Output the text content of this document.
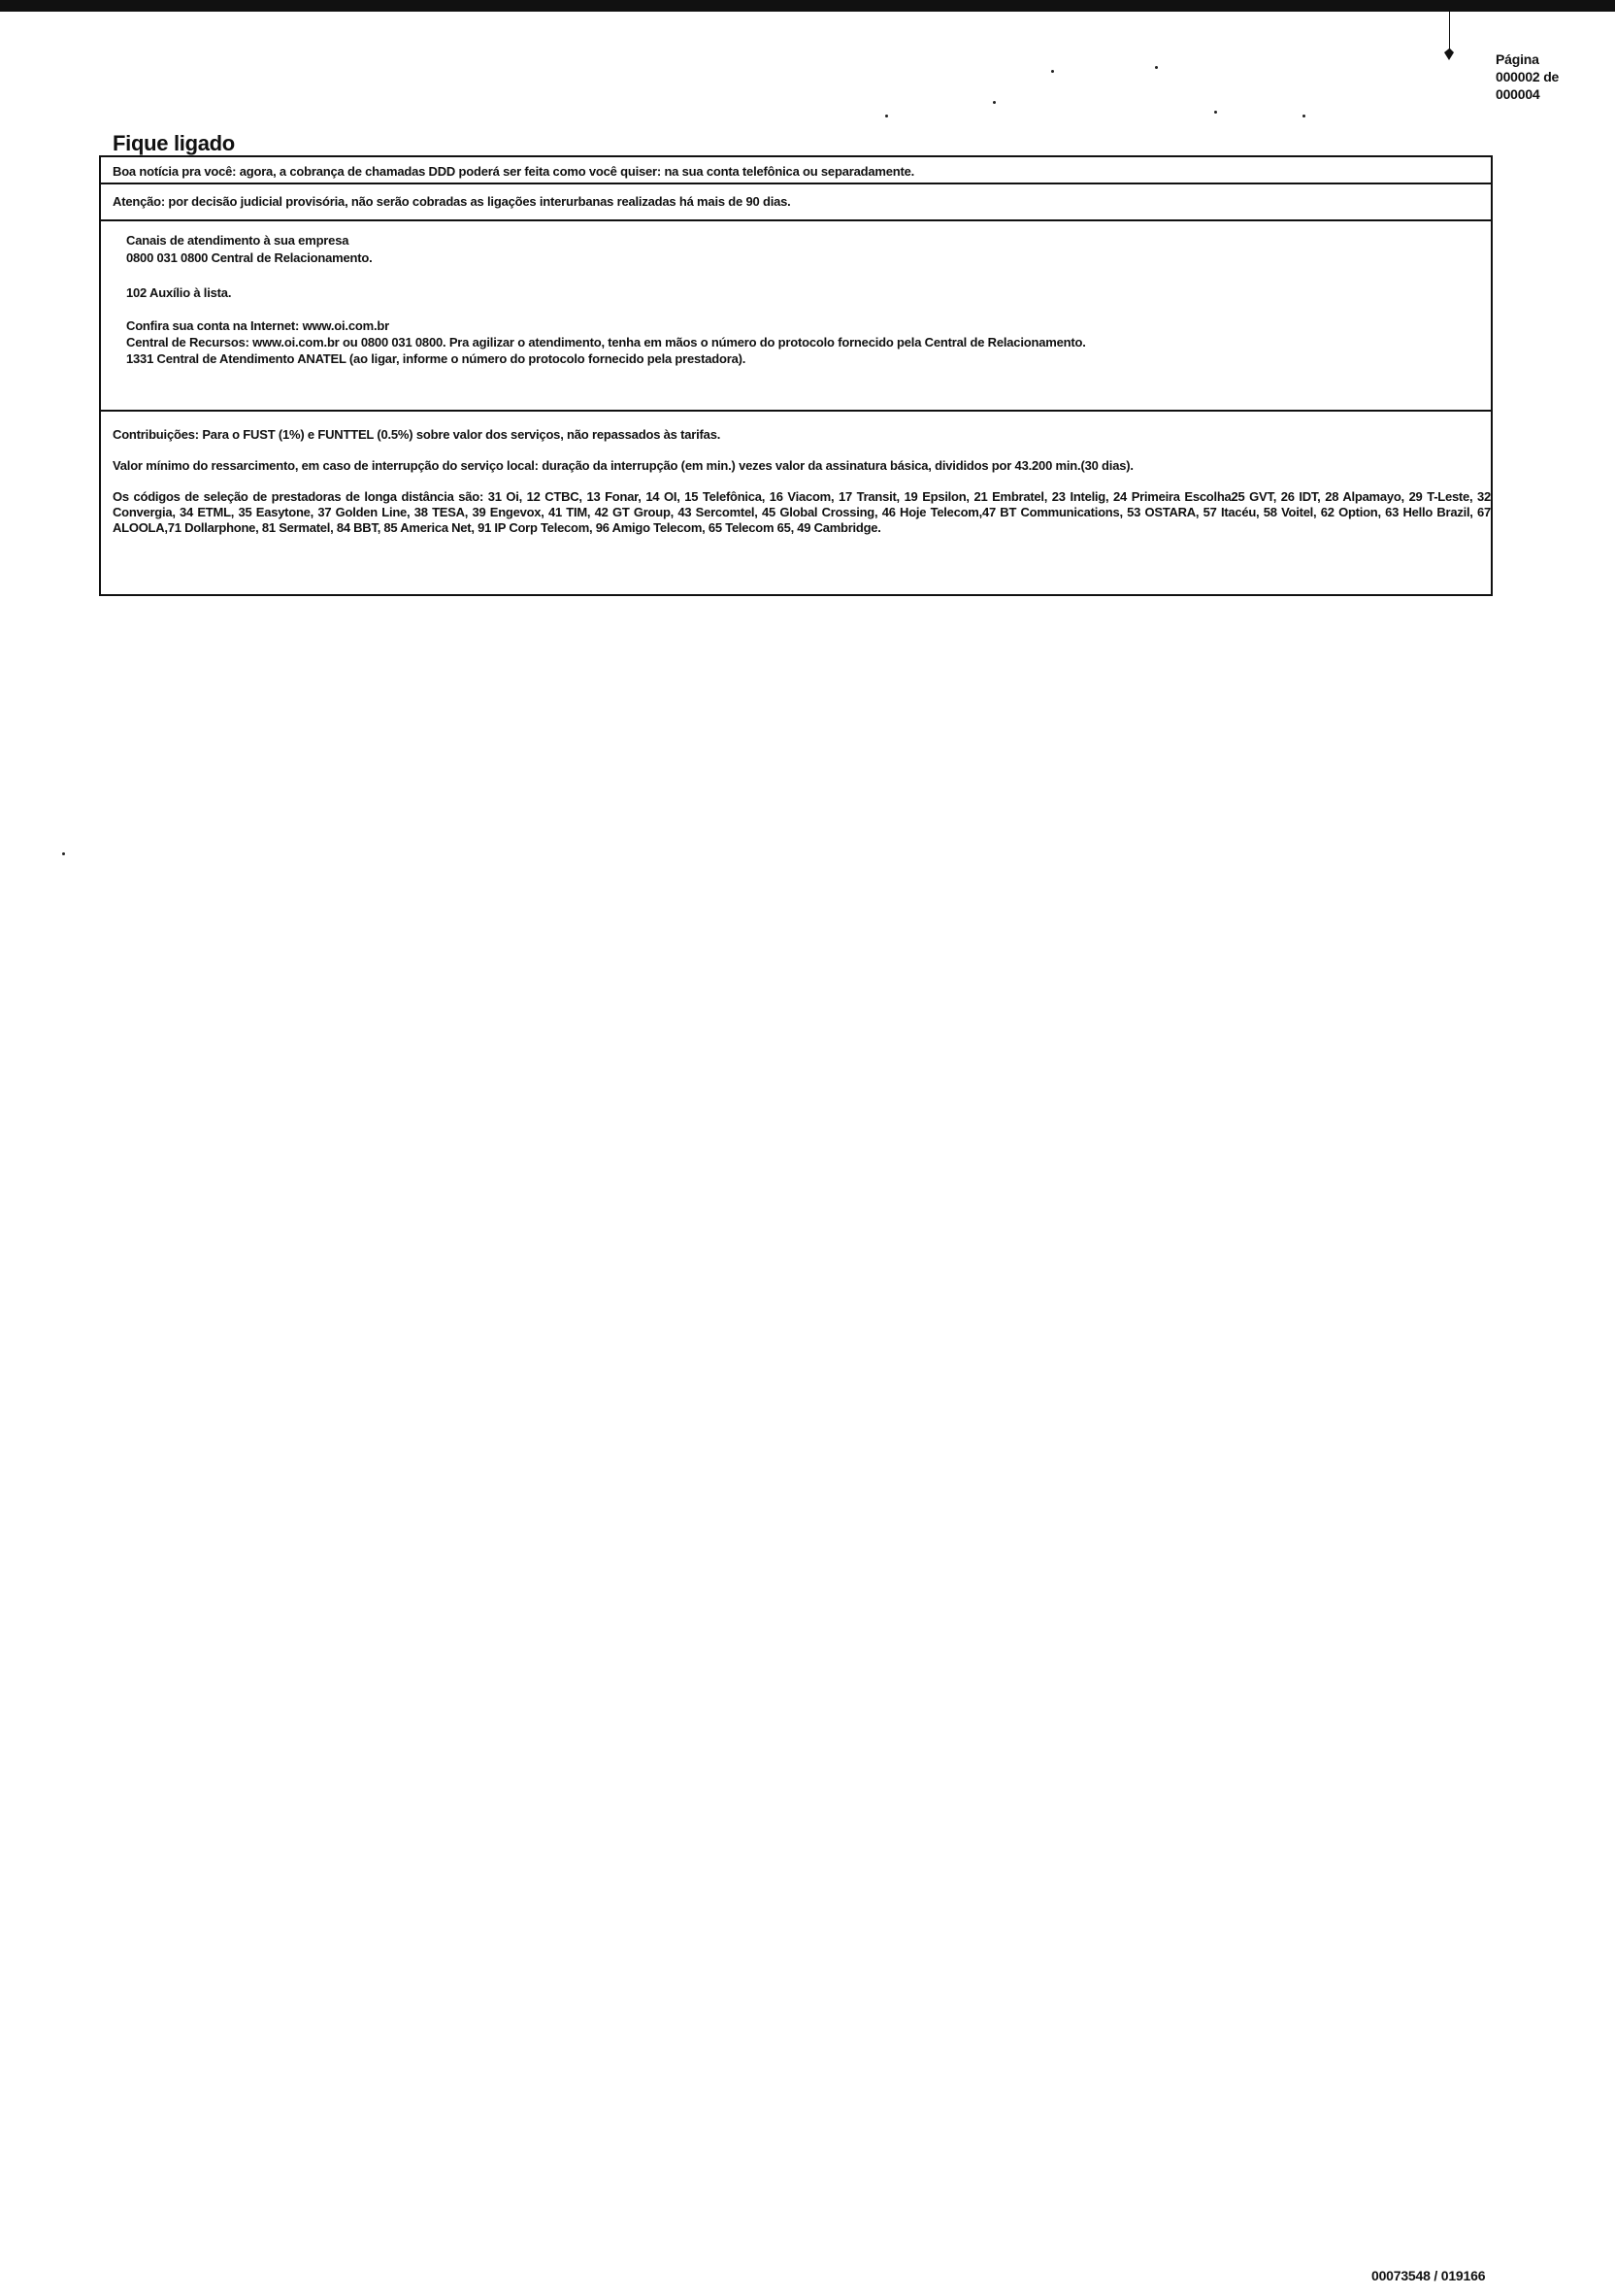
Página
000002 de
000004
Fique ligado

Boa notícia pra você: agora, a cobrança de chamadas DDD poderá ser feita como você quiser: na sua conta telefônica ou separadamente.

Atenção: por decisão judicial provisória, não serão cobradas as ligações interurbanas realizadas há mais de 90 dias.

Canais de atendimento à sua empresa
0800 031 0800 Central de Relacionamento.
102 Auxílio à lista.
Confira sua conta na Internet: www.oi.com.br
Central de Recursos: www.oi.com.br ou 0800 031 0800. Pra agilizar o atendimento, tenha em mãos o número do protocolo fornecido pela Central de Relacionamento.
1331 Central de Atendimento ANATEL (ao ligar, informe o número do protocolo fornecido pela prestadora).
Contribuições: Para o FUST (1%) e FUNTTEL (0.5%) sobre valor dos serviços, não repassados às tarifas.
Valor mínimo do ressarcimento, em caso de interrupção do serviço local: duração da interrupção (em min.) vezes valor da assinatura básica, divididos por 43.200 min.(30 dias).
Os códigos de seleção de prestadoras de longa distância são: 31 Oi, 12 CTBC, 13 Fonar, 14 OI, 15 Telefônica, 16 Viacom, 17 Transit, 19 Epsilon, 21 Embratel, 23 Intelig, 24 Primeira Escolha25 GVT, 26 IDT, 28 Alpamayo, 29 T-Leste, 32 Convergia, 34 ETML, 35 Easytone, 37 Golden Line, 38 TESA, 39 Engevox, 41 TIM, 42 GT Group, 43 Sercomtel, 45 Global Crossing, 46 Hoje Telecom,47 BT Communications, 53 OSTARA, 57 Itacéu, 58 Voitel, 62 Option, 63 Hello Brazil, 67 ALOOLA,71 Dollarphone, 81 Sermatel, 84 BBT, 85 America Net, 91 IP Corp Telecom, 96 Amigo Telecom, 65 Telecom 65, 49 Cambridge.
00073548 / 019166
